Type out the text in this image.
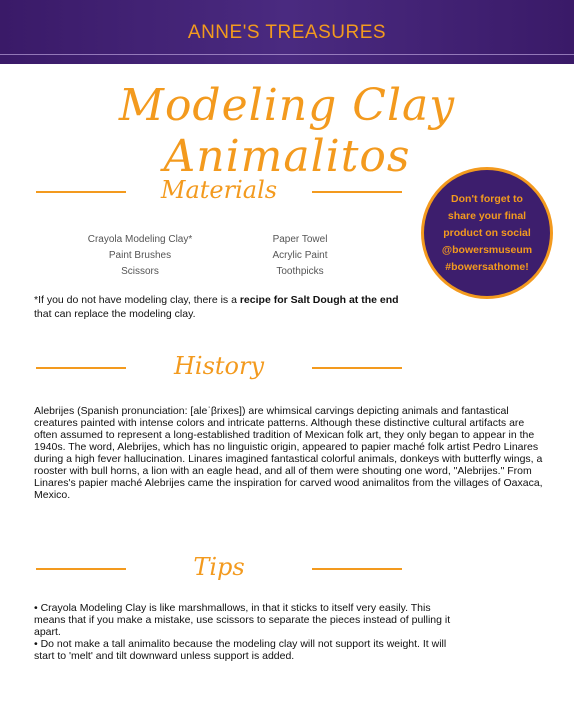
ANNE'S TREASURES
Modeling Clay Animalitos
Materials
Crayola Modeling Clay*
Paint Brushes
Scissors
Paper Towel
Acrylic Paint
Toothpicks
*If you do not have modeling clay, there is a recipe for Salt Dough at the end that can replace the modeling clay.
Don't forget to
share your final
product on social
@bowersmuseum
#bowersathome!
History
Alebrijes (Spanish pronunciation: [aleˈβrixes]) are whimsical carvings depicting animals and fantastical creatures painted with intense colors and intricate patterns. Although these distinctive cultural artifacts are often assumed to represent a long-established tradition of Mexican folk art, they only began to appear in the 1940s. The word, Alebrijes, which has no linguistic origin, appeared to papier maché folk artist Pedro Linares during a high fever hallucination. Linares imagined fantastical colorful animals, donkeys with butterfly wings, a rooster with bull horns, a lion with an eagle head, and all of them were shouting one word, "Alebrijes." From Linares's papier maché Alebrijes came the inspiration for carved wood animalitos from the villages of Oaxaca, Mexico.
Tips

• Crayola Modeling Clay is like marshmallows, in that it sticks to itself very easily. This means that if you make a mistake, use scissors to separate the pieces instead of pulling it apart.

• Do not make a tall animalito because the modeling clay will not support its weight. It will start to 'melt' and tilt downward unless support is added.
